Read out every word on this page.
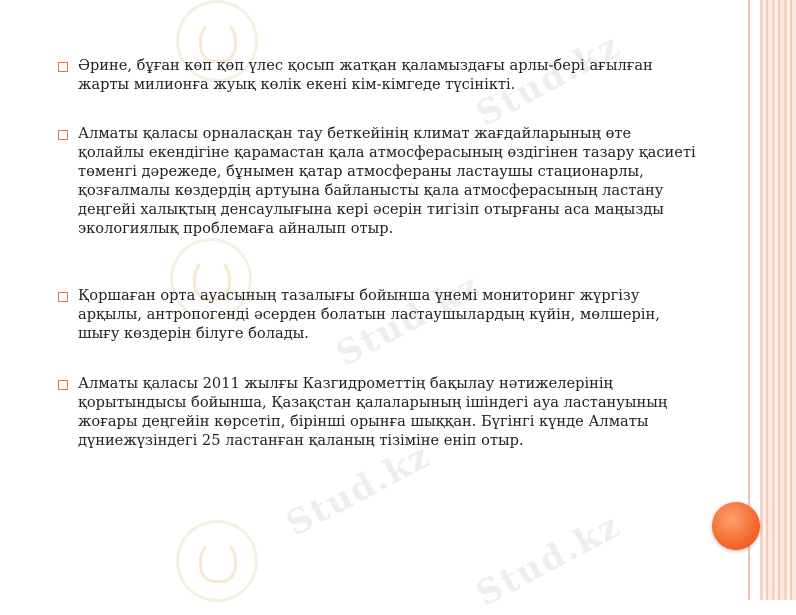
Stud.kz
Stud.kz
Stud.kz
Stud.kz
Әрине, бұған көп қөп үлес қосып жатқан қаламыздағы арлы-бері ағылған жарты милионға жуық көлік екені кім-кімгеде түсінікті.
Алматы қаласы орналасқан тау беткейінің климат жағдайларының өте қолайлы екендігіне қарамастан қала атмосферасының өздігінен тазару қасиеті төменгі дәрежеде, бұнымен қатар атмосфераны ластаушы стационарлы, қозғалмалы көздердің артуына байланысты қала атмосферасының ластану деңгейі халықтың денсаулығына кері әсерін тигізіп отырғаны аса маңызды экологиялық проблемаға айналып отыр.
Қоршаған орта ауасының тазалығы бойынша үнемі мониторинг жүргізу арқылы, антропогенді әсерден болатын ластаушылардың күйін, мөлшерін, шығу көздерін білуге болады.
Алматы қаласы 2011 жылғы Казгидрометтің бақылау нәтижелерінің қорытындысы бойынша, Қазақстан қалаларының ішіндегі ауа ластануының жоғары деңгейін көрсетіп, бірінші орынға шыққан. Бүгінгі күнде Алматы дүниежүзіндегі 25 ластанған қаланың тізіміне еніп отыр.
